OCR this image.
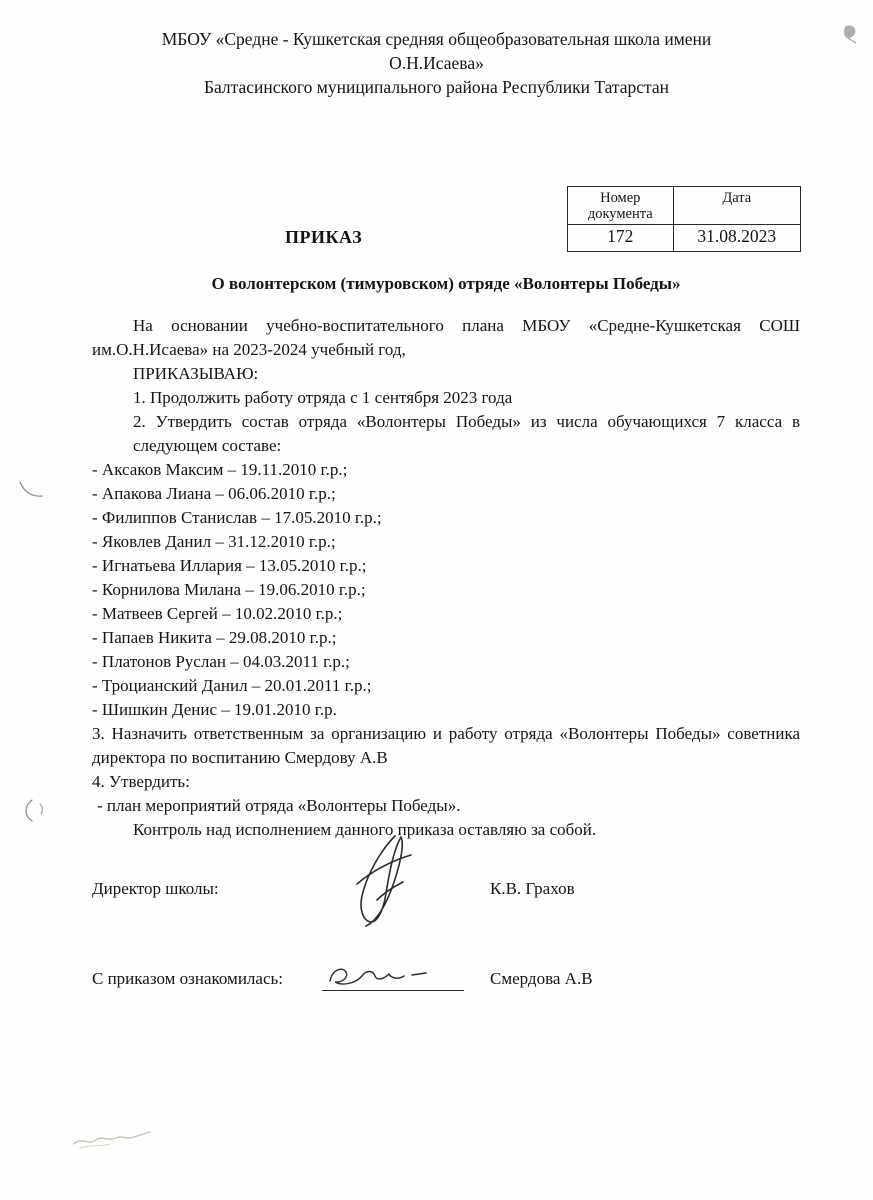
МБОУ «Средне - Кушкетская средняя общеобразовательная школа имени
О.Н.Исаева»
Балтасинского муниципального района Республики Татарстан
Номер документа	Дата
172	31.08.2023
ПРИКАЗ
О волонтерском (тимуровском) отряде «Волонтеры Победы»
На основании учебно-воспитательного плана МБОУ «Средне-Кушкетская СОШ им.О.Н.Исаева» на 2023-2024 учебный год,
ПРИКАЗЫВАЮ:
1. Продолжить работу отряда с 1 сентября 2023 года
2. Утвердить состав отряда «Волонтеры Победы» из числа обучающихся 7 класса в следующем составе:
- Аксаков Максим – 19.11.2010 г.р.;
- Апакова Лиана – 06.06.2010 г.р.;
- Филиппов Станислав – 17.05.2010 г.р.;
- Яковлев Данил – 31.12.2010 г.р.;
- Игнатьева Иллария – 13.05.2010 г.р.;
- Корнилова Милана – 19.06.2010 г.р.;
- Матвеев Сергей – 10.02.2010 г.р.;
- Папаев Никита – 29.08.2010 г.р.;
- Платонов Руслан – 04.03.2011 г.р.;
- Троцианский Данил – 20.01.2011 г.р.;
- Шишкин Денис – 19.01.2010 г.р.
3. Назначить ответственным за организацию и работу отряда «Волонтеры Победы» советника директора по воспитанию Смердову А.В
4. Утвердить:
- план мероприятий отряда «Волонтеры Победы».
Контроль над исполнением данного приказа оставляю за собой.
Директор школы:	К.В. Грахов
С приказом ознакомилась:	Смердова А.В
